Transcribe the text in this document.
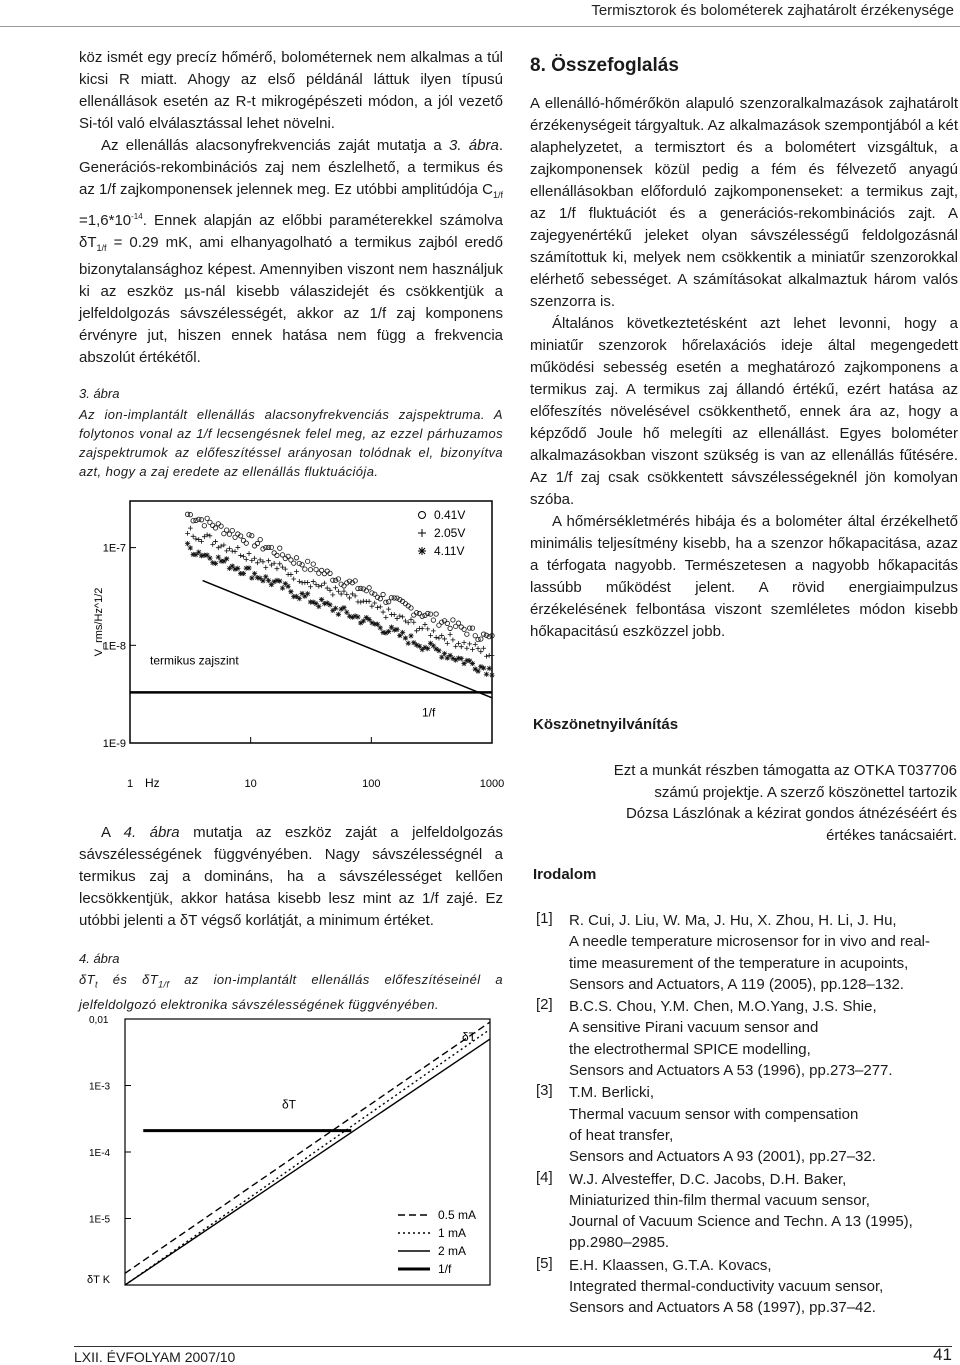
Termisztorok és bolométerek zajhatárolt érzékenysége

köz ismét egy precíz hőmérő, bolométernek nem alkalmas a túl kicsi R miatt. Ahogy az első példánál láttuk ilyen típusú ellenállások esetén az R-t mikrogépészeti módon, a jól vezető Si-tól való elválasztással lehet növelni.

Az ellenállás alacsonyfrekvenciás zaját mutatja a 3. ábra. Generációs-rekombinációs zaj nem észlelhető, a termikus és az 1/f zajkomponensek jelennek meg. Ez utóbbi amplitúdója $C_{1/f} =1,6*10^{-14}$. Ennek alapján az előbbi paraméterekkel számolva $\delta T_{1/f} = 0.29$ mK, ami elhanyagolható a termikus zajból eredő bizonytalansághoz képest. Amennyiben viszont nem használjuk ki az eszköz µs-nál kisebb válaszidejét és csökkentjük a jelfeldolgozás sávszélességét, akkor az 1/f zaj komponens érvényre jut, hiszen ennek hatása nem függ a frekvencia abszolút értékétől.

3. ábra
Az ion-implantált ellenállás alacsonyfrekvenciás zajspektruma. A folytonos vonal az 1/f lecsengésnek felel meg, az ezzel párhuzamos zajspektrumok az előfeszítéssel arányosan tolódnak el, bizonyítva azt, hogy a zaj eredete az ellenállás fluktuációja.
1E-7
1E-8
1E-9
1	10	100	1000
Hz
V_rms/Hz^1/2
termikus zajszint
1/f
0.41V
2.05V
4.11V

A 4. ábra mutatja az eszköz zaját a jelfeldolgozás sávszélességének függvényében. Nagy sávszélességnél a termikus zaj a domináns, ha a sávszélességet kellően lecsökkentjük, akkor hatása kisebb lesz mint az 1/f zajé. Ez utóbbi jelenti a δT végső korlátját, a minimum értéket.

4. ábra
$\delta T_t$ és $\delta T_{1/f}$ az ion-implantált ellenállás előfeszítéseinél a jelfeldolgozó elektronika sávszélességének függvényében.
0,01
1E-3
1E-4
1E-5
δT K
δT
δT
0.5 mA
1 mA
2 mA
1/f
8. Összefoglalás

A ellenálló-hőmérőkön alapuló szenzoralkalmazások zajhatárolt érzékenységeit tárgyaltuk. Az alkalmazások szempontjából a két alaphelyzetet, a termisztort és a bolométert vizsgáltuk, a zajkomponensek közül pedig a fém és félvezető anyagú ellenállásokban előforduló zajkomponenseket: a termikus zajt, az 1/f fluktuációt és a generációs-rekombinációs zajt. A zajegyenértékű jeleket olyan sávszélességű feldolgozásnál számítottuk ki, melyek nem csökkentik a miniatűr szenzorokkal elérhető sebességet. A számításokat alkalmaztuk három valós szenzorra is.

Általános következtetésként azt lehet levonni, hogy a miniatűr szenzorok hőrelaxációs ideje által megengedett működési sebesség esetén a meghatározó zajkomponens a termikus zaj. A termikus zaj állandó értékű, ezért hatása az előfeszítés növelésével csökkenthető, ennek ára az, hogy a képződő Joule hő melegíti az ellenállást. Egyes bolométer alkalmazásokban viszont szükség is van az ellenállás fűtésére. Az 1/f zaj csak csökkentett sávszélességeknél jön komolyan szóba.

A hőmérsékletmérés hibája és a bolométer által érzékelhető minimális teljesítmény kisebb, ha a szenzor hőkapacitása, azaz a térfogata nagyobb. Természetesen a nagyobb hőkapacitás lassúbb működést jelent. A rövid energiaimpulzus érzékelésének felbontása viszont szemléletes módon kisebb hőkapacitású eszközzel jobb.

Köszönetnyilvánítás
Ezt a munkát részben támogatta az OTKA T037706
számú projektje. A szerző köszönettel tartozik
Dózsa Lászlónak a kézirat gondos átnézéséért és
értékes tanácsaiért.
Irodalom
[1] R. Cui, J. Liu, W. Ma, J. Hu, X. Zhou, H. Li, J. Hu,
A needle temperature microsensor for in vivo and real-
time measurement of the temperature in acupoints,
Sensors and Actuators, A 119 (2005), pp.128–132.
[2] B.C.S. Chou, Y.M. Chen, M.O.Yang, J.S. Shie,
A sensitive Pirani vacuum sensor and
the electrothermal SPICE modelling,
Sensors and Actuators A 53 (1996), pp.273–277.
[3] T.M. Berlicki,
Thermal vacuum sensor with compensation
of heat transfer,
Sensors and Actuators A 93 (2001), pp.27–32.
[4] W.J. Alvesteffer, D.C. Jacobs, D.H. Baker,
Miniaturized thin-film thermal vacuum sensor,
Journal of Vacuum Science and Techn. A 13 (1995),
pp.2980–2985.
[5] E.H. Klaassen, G.T.A. Kovacs,
Integrated thermal-conductivity vacuum sensor,
Sensors and Actuators A 58 (1997), pp.37–42.
LXII. ÉVFOLYAM 2007/10	41
